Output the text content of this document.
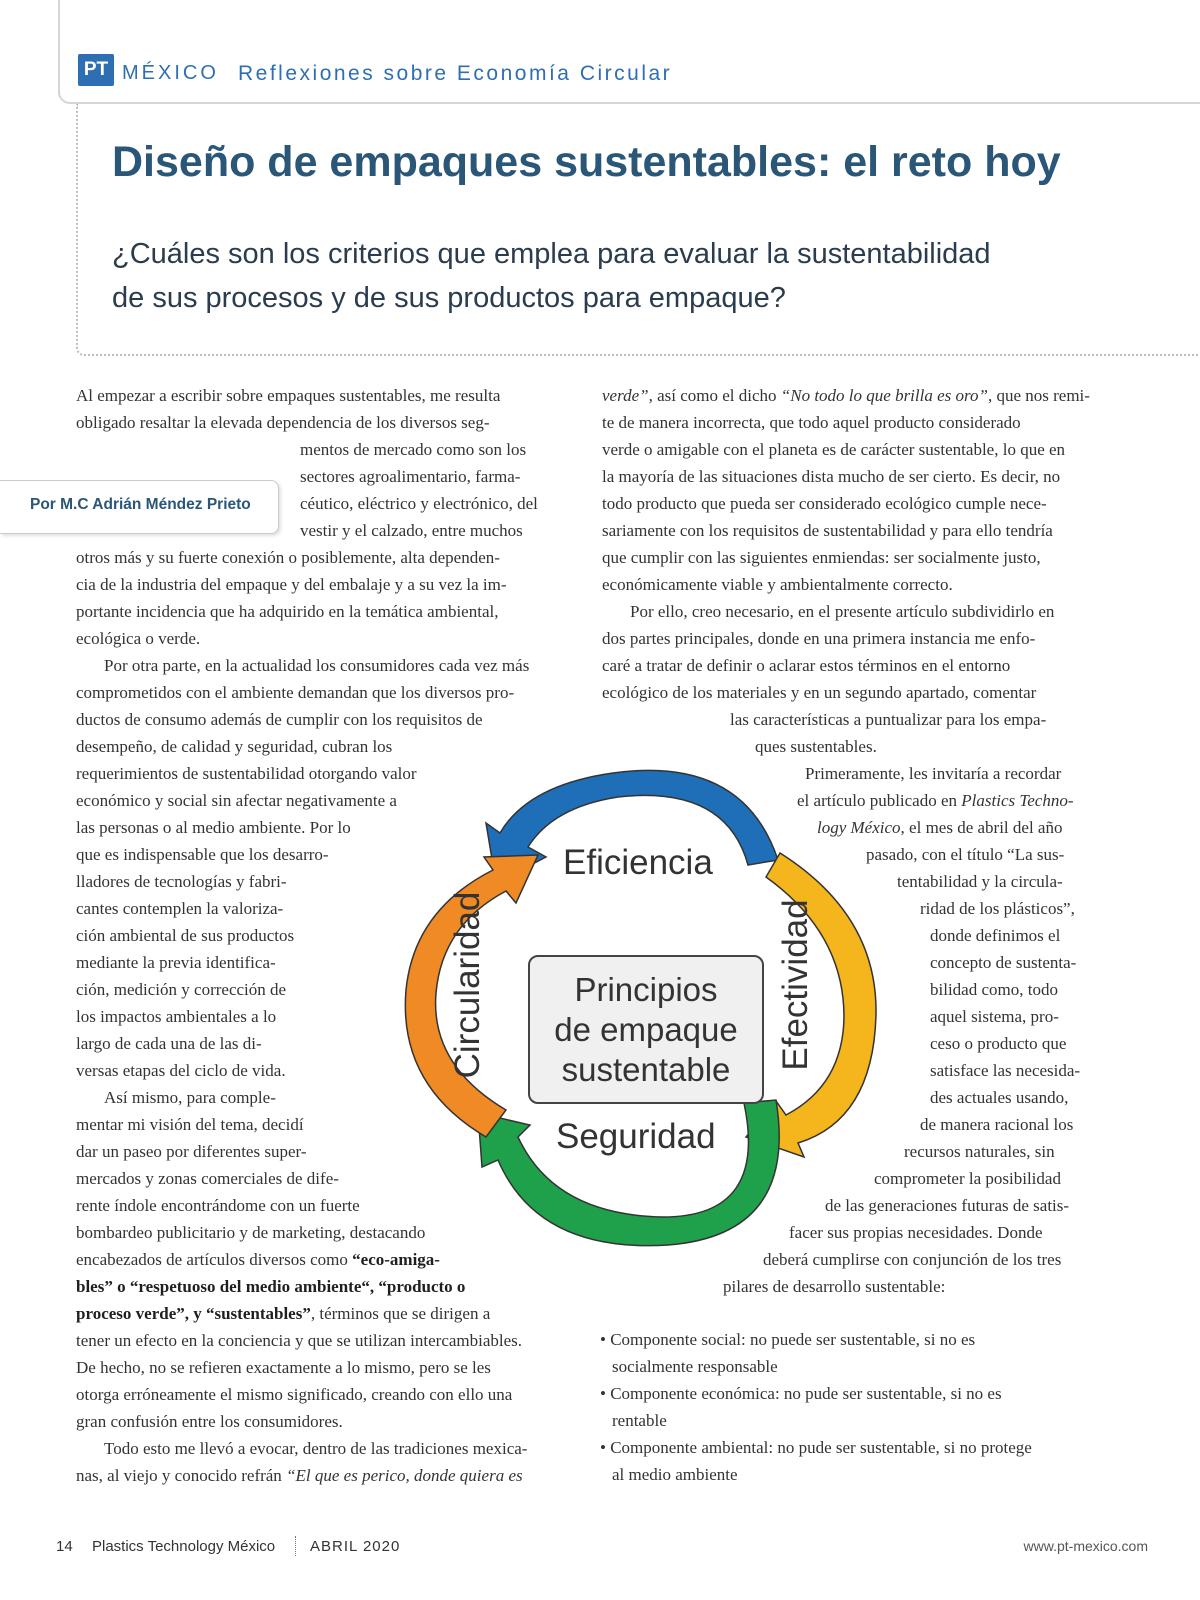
PT MÉXICO Reflexiones sobre Economía Circular
Diseño de empaques sustentables: el reto hoy
¿Cuáles son los criterios que emplea para evaluar la sustentabilidad
de sus procesos y de sus productos para empaque?
Por M.C Adrián Méndez Prieto
Al empezar a escribir sobre empaques sustentables, me resulta
obligado resaltar la elevada dependencia de los diversos seg-
mentos de mercado como son los
sectores agroalimentario, farma-
céutico, eléctrico y electrónico, del
vestir y el calzado, entre muchos
otros más y su fuerte conexión o posiblemente, alta dependen-
cia de la industria del empaque y del embalaje y a su vez la im-
portante incidencia que ha adquirido en la temática ambiental,
ecológica o verde.
Por otra parte, en la actualidad los consumidores cada vez más
comprometidos con el ambiente demandan que los diversos pro-
ductos de consumo además de cumplir con los requisitos de
desempeño, de calidad y seguridad, cubran los
requerimientos de sustentabilidad otorgando valor
económico y social sin afectar negativamente a
las personas o al medio ambiente. Por lo
que es indispensable que los desarro-
lladores de tecnologías y fabri-
cantes contemplen la valoriza-
ción ambiental de sus productos
mediante la previa identifica-
ción, medición y corrección de
los impactos ambientales a lo
largo de cada una de las di-
versas etapas del ciclo de vida.
Así mismo, para comple-
mentar mi visión del tema, decidí
dar un paseo por diferentes super-
mercados y zonas comerciales de dife-
rente índole encontrándome con un fuerte
bombardeo publicitario y de marketing, destacando
encabezados de artículos diversos como “eco-amiga-
bles” o “respetuoso del medio ambiente“, “producto o
proceso verde”, y “sustentables”, términos que se dirigen a
tener un efecto en la conciencia y que se utilizan intercambiables.
De hecho, no se refieren exactamente a lo mismo, pero se les
otorga erróneamente el mismo significado, creando con ello una
gran confusión entre los consumidores.
Todo esto me llevó a evocar, dentro de las tradiciones mexica-
nas, al viejo y conocido refrán “El que es perico, donde quiera es
verde”, así como el dicho “No todo lo que brilla es oro”, que nos remi-
te de manera incorrecta, que todo aquel producto considerado
verde o amigable con el planeta es de carácter sustentable, lo que en
la mayoría de las situaciones dista mucho de ser cierto. Es decir, no
todo producto que pueda ser considerado ecológico cumple nece-
sariamente con los requisitos de sustentabilidad y para ello tendría
que cumplir con las siguientes enmiendas: ser socialmente justo,
económicamente viable y ambientalmente correcto.
Por ello, creo necesario, en el presente artículo subdividirlo en
dos partes principales, donde en una primera instancia me enfo-
caré a tratar de definir o aclarar estos términos en el entorno
ecológico de los materiales y en un segundo apartado, comentar
las características a puntualizar para los empa-
ques sustentables.
Primeramente, les invitaría a recordar
el artículo publicado en Plastics Techno-
logy México, el mes de abril del año
pasado, con el título “La sus-
tentabilidad y la circula-
ridad de los plásticos”,
donde definimos el
concepto de sustenta-
bilidad como, todo
aquel sistema, pro-
ceso o producto que
satisface las necesida-
des actuales usando,
de manera racional los
recursos naturales, sin
comprometer la posibilidad
de las generaciones futuras de satis-
facer sus propias necesidades. Donde
deberá cumplirse con conjunción de los tres
pilares de desarrollo sustentable:
• Componente social: no puede ser sustentable, si no es
socialmente responsable
• Componente económica: no pude ser sustentable, si no es
rentable
• Componente ambiental: no pude ser sustentable, si no protege
al medio ambiente
Eficiencia
Seguridad
Circularidad	Efectividad
Principios
de empaque
sustentable
14 Plastics Technology México ABRIL 2020	www.pt-mexico.com
